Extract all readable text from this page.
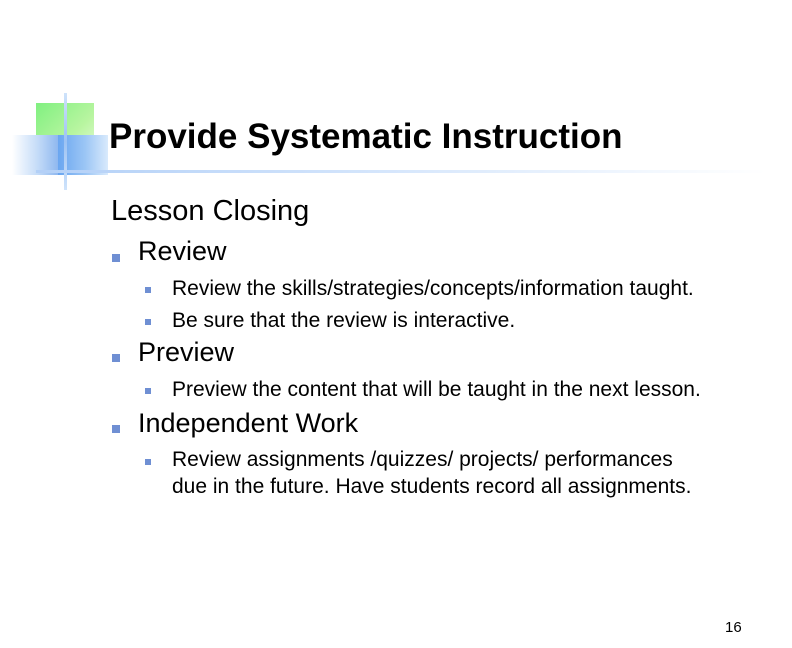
Provide Systematic Instruction
Lesson Closing
Review
Review the skills/strategies/concepts/information taught.
Be sure that the review is interactive.
Preview
Preview the content that will be taught in the next lesson.
Independent Work
Review assignments /quizzes/ projects/ performances
due in the future. Have students record all assignments.
16
